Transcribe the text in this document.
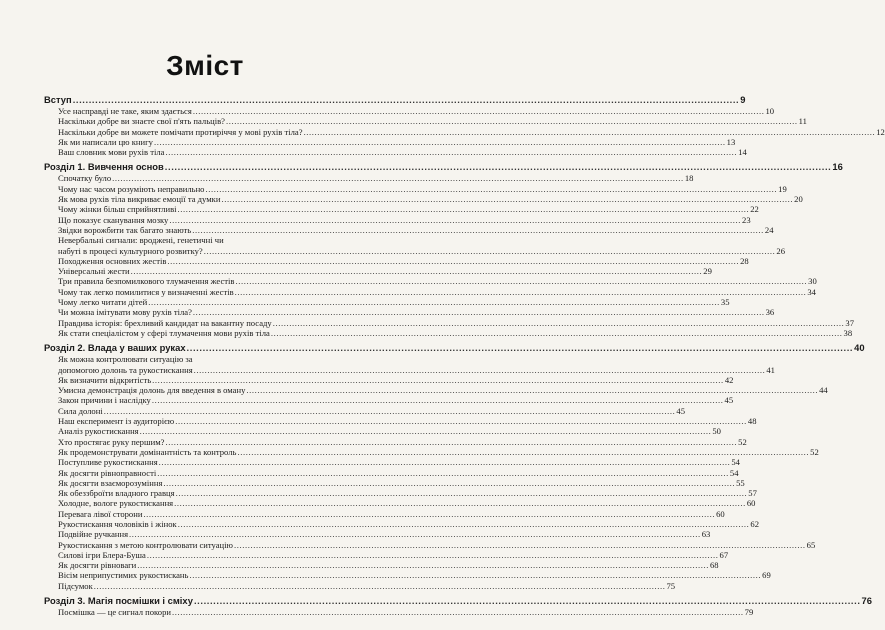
Зміст
Вступ .....	9
Усе насправді не таке, яким здається .....	10
Наскільки добре ви знаєте свої п'ять пальців? .....	11
Наскільки добре ви можете помічати протиріччя у мові рухів тіла? .....	12
Як ми написали цю книгу .....	13
Ваш словник мови рухів тіла .....	14
Розділ 1. Вивчення основ .....	16
Спочатку було .....	18
Чому нас часом розуміють неправильно .....	19
Як мова рухів тіла викриває емоції та думки .....	20
Чому жінки більш сприйнятливі .....	22
Що показує сканування мозку .....	23
Звідки ворожбити так багато знають .....	24
Невербальні сигнали: вроджені, генетичні чи
набуті в процесі культурного розвитку? .....	26
Походження основних жестів .....	28
Універсальні жести .....	29
Три правила безпомилкового тлумачення жестів .....	30
Чому так легко помилитися у визначенні жестів .....	34
Чому легко читати дітей .....	35
Чи можна імітувати мову рухів тіла? .....	36
Правдива історія: брехливий кандидат на вакантну посаду .....	37
Як стати спеціалістом у сфері тлумачення мови рухів тіла .....	38
Розділ 2. Влада у ваших руках .....	40
Як можна контролювати ситуацію за
допомогою долонь та рукостискання .....	41
Як визначити відкритість .....	42
Умисна демонстрація долонь для введення в оману .....	44
Закон причини і наслідку .....	45
Сила долоні .....	45
Наш експеримент із аудиторією .....	48
Аналіз рукостискання .....	50
Хто простягає руку першим? .....	52
Як продемонструвати домінантність та контроль .....	52
Поступливе рукостискання .....	54
Як досягти рівноправності .....	54
Як досягти взаєморозуміння .....	55
Як обеззброїти владного гравця .....	57
Холодне, вологе рукостискання .....	60
Перевага лівої сторони .....	60
Рукостискання чоловіків і жінок .....	62
Подвійне ручкання .....	63
Рукостискання з метою контролювати ситуацію .....	65
Силові ігри Блера-Буша .....	67
Як досягти рівноваги .....	68
Вісім неприпустимих рукостискань .....	69
Підсумок .....	75
Розділ 3. Магія посмішки і сміху .....	76
Посмішка — це сигнал покори .....	79
